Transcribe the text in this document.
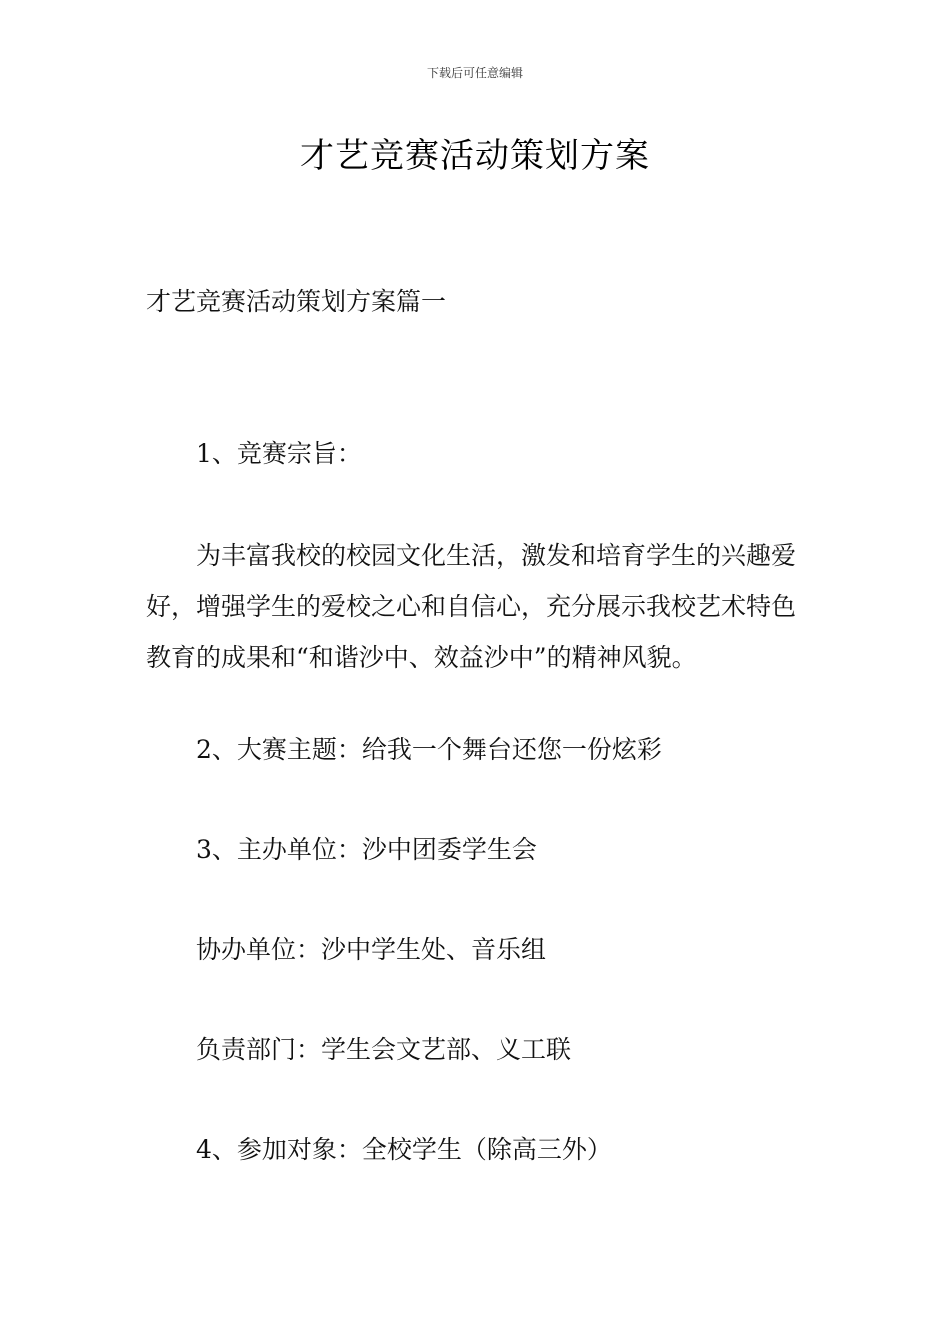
下载后可任意编辑
才艺竞赛活动策划方案

才艺竞赛活动策划方案篇一

1、竞赛宗旨：

为丰富我校的校园文化生活，激发和培育学生的兴趣爱好，增强学生的爱校之心和自信心，充分展示我校艺术特色教育的成果和“和谐沙中、效益沙中”的精神风貌。

2、大赛主题：给我一个舞台还您一份炫彩

3、主办单位：沙中团委学生会

协办单位：沙中学生处、音乐组

负责部门：学生会文艺部、义工联

4、参加对象：全校学生（除高三外）
